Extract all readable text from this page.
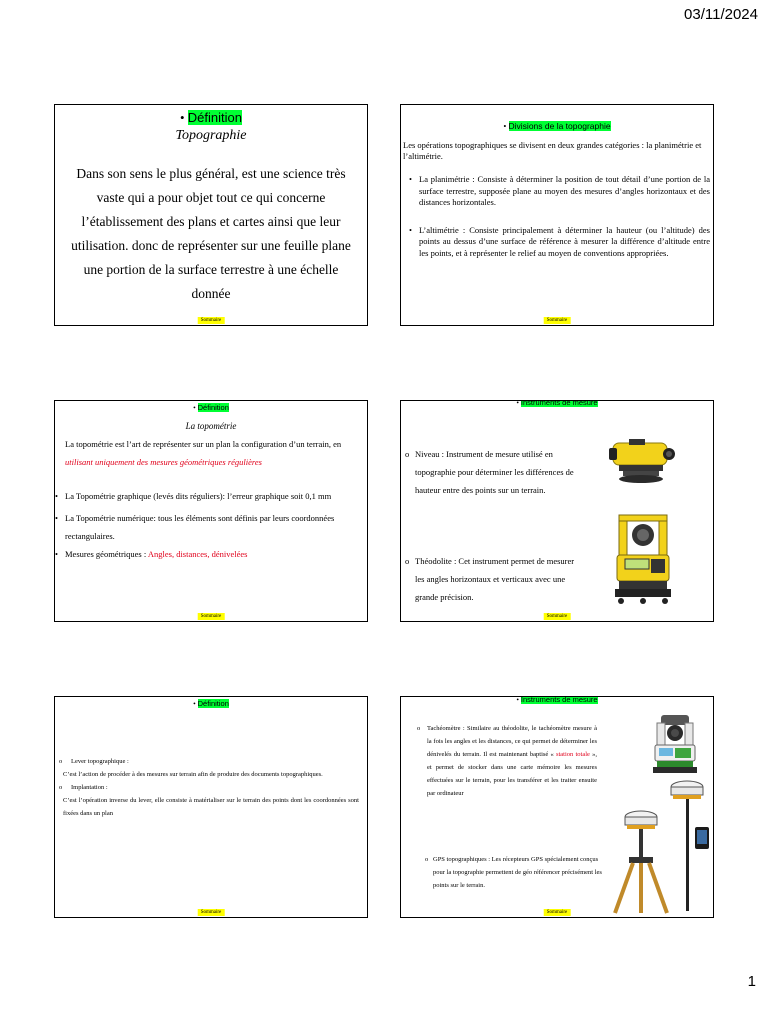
03/11/2024
• Définition
Topographie
Dans son sens le plus général, est une science très vaste qui a pour objet tout ce qui concerne l’établissement des plans et cartes ainsi que leur utilisation. donc de représenter sur une feuille plane une portion de la surface terrestre à une échelle donnée
Sommaire
• Divisions de la topographie
Les opérations topographiques se divisent en deux grandes catégories : la planimétrie et l’altimétrie.
• La planimétrie : Consiste à déterminer la position de tout détail d’une portion de la surface terrestre, supposée plane au moyen des mesures d’angles horizontaux et des distances horizontales.
• L’altimétrie : Consiste principalement à déterminer la hauteur (ou l’altitude) des points au dessus d’une surface de référence à mesurer la différence d’altitude entre les points, et à représenter le relief au moyen de conventions appropriées.
Sommaire
• Définition
La topométrie
La topométrie est l’art de représenter sur un plan la configuration d’un terrain, en utilisant uniquement des mesures géométriques régulières
• La Topométrie graphique (levés dits réguliers): l’erreur graphique soit 0,1 mm
• La Topométrie numérique: tous les éléments sont définis par leurs coordonnées rectangulaires.
• Mesures géométriques : Angles, distances, dénivelées
Sommaire
• Instruments de mesure
o Niveau : Instrument de mesure utilisé en topographie pour déterminer les différences de hauteur entre des points sur un terrain.
o Théodolite : Cet instrument permet de mesurer les angles horizontaux et verticaux avec une grande précision.
Sommaire
• Définition
o	Lever topographique :
C’est l’action de procéder à des mesures sur terrain afin de produire des documents topographiques.
o	Implantation :
C’est l’opération inverse du lever, elle consiste à matérialiser sur le terrain des points dont les coordonnées sont fixées dans un plan
Sommaire
• Instruments de mesure
o	Tachéomètre : Similaire au théodolite, le tachéomètre mesure à la fois les angles et les distances, ce qui permet de déterminer les dénivelés du terrain. Il est maintenant baptisé « station totale », et permet de stocker dans une carte mémoire les mesures effectuées sur le terrain, pour les transférer et les traiter ensuite par ordinateur
o GPS topographiques : Les récepteurs GPS spécialement conçus pour la topographie permettent de géo référencer précisément les points sur le terrain.
Sommaire
1
